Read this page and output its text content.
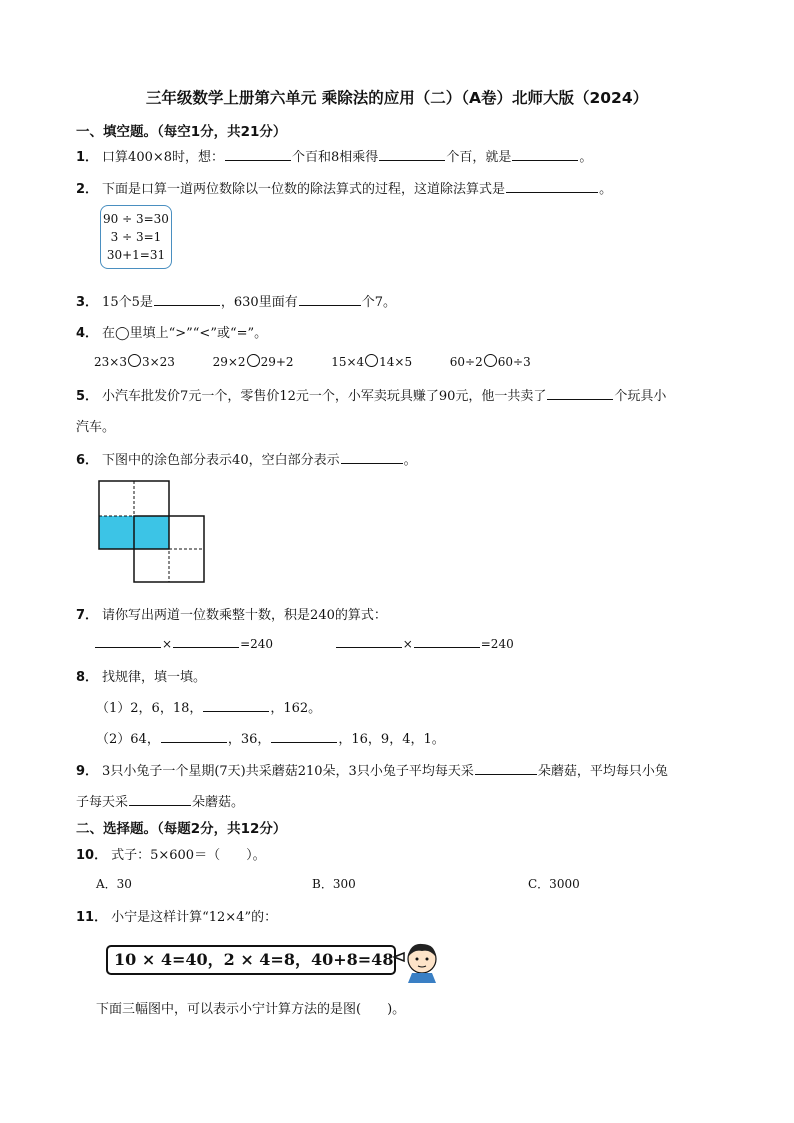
三年级数学上册第六单元 乘除法的应用（二）（A卷）北师大版（2024）
一、填空题。（每空1分，共21分）
1． 口算400×8时，想：	个百和8相乘得	个百，就是	。
2． 下面是口算一道两位数除以一位数的除法算式的过程，这道除法算式是	。
90 ÷ 3=30
3 ÷ 3=1
30+1=31
3． 15个5是	，630里面有	个7。
4． 在◯里填上“>”“<”或“=”。
23×3 3×23	29×2 29+2	15×4 14×5	60÷2 60÷3
5． 小汽车批发价7元一个，零售价12元一个，小军卖玩具赚了90元，他一共卖了	个玩具小
汽车。
6． 下图中的涂色部分表示40，空白部分表示	。
7． 请你写出两道一位数乘整十数，积是240的算式：
×	=240	×	=240
8． 找规律，填一填。
（1）2，6，18，	，162。
（2）64，	，36，	，16，9，4，1。
9． 3只小兔子一个星期(7天)共采蘑菇210朵，3只小兔子平均每天采	朵蘑菇，平均每只小兔
子每天采	朵蘑菇。
二、选择题。（每题2分，共12分）
10． 式子：5×600＝（　　）。
A．30	B．300	C．3000
11． 小宁是这样计算“12×4”的：
10 × 4=40，2 × 4=8，40+8=48
下面三幅图中，可以表示小宁计算方法的是图(　　)。
